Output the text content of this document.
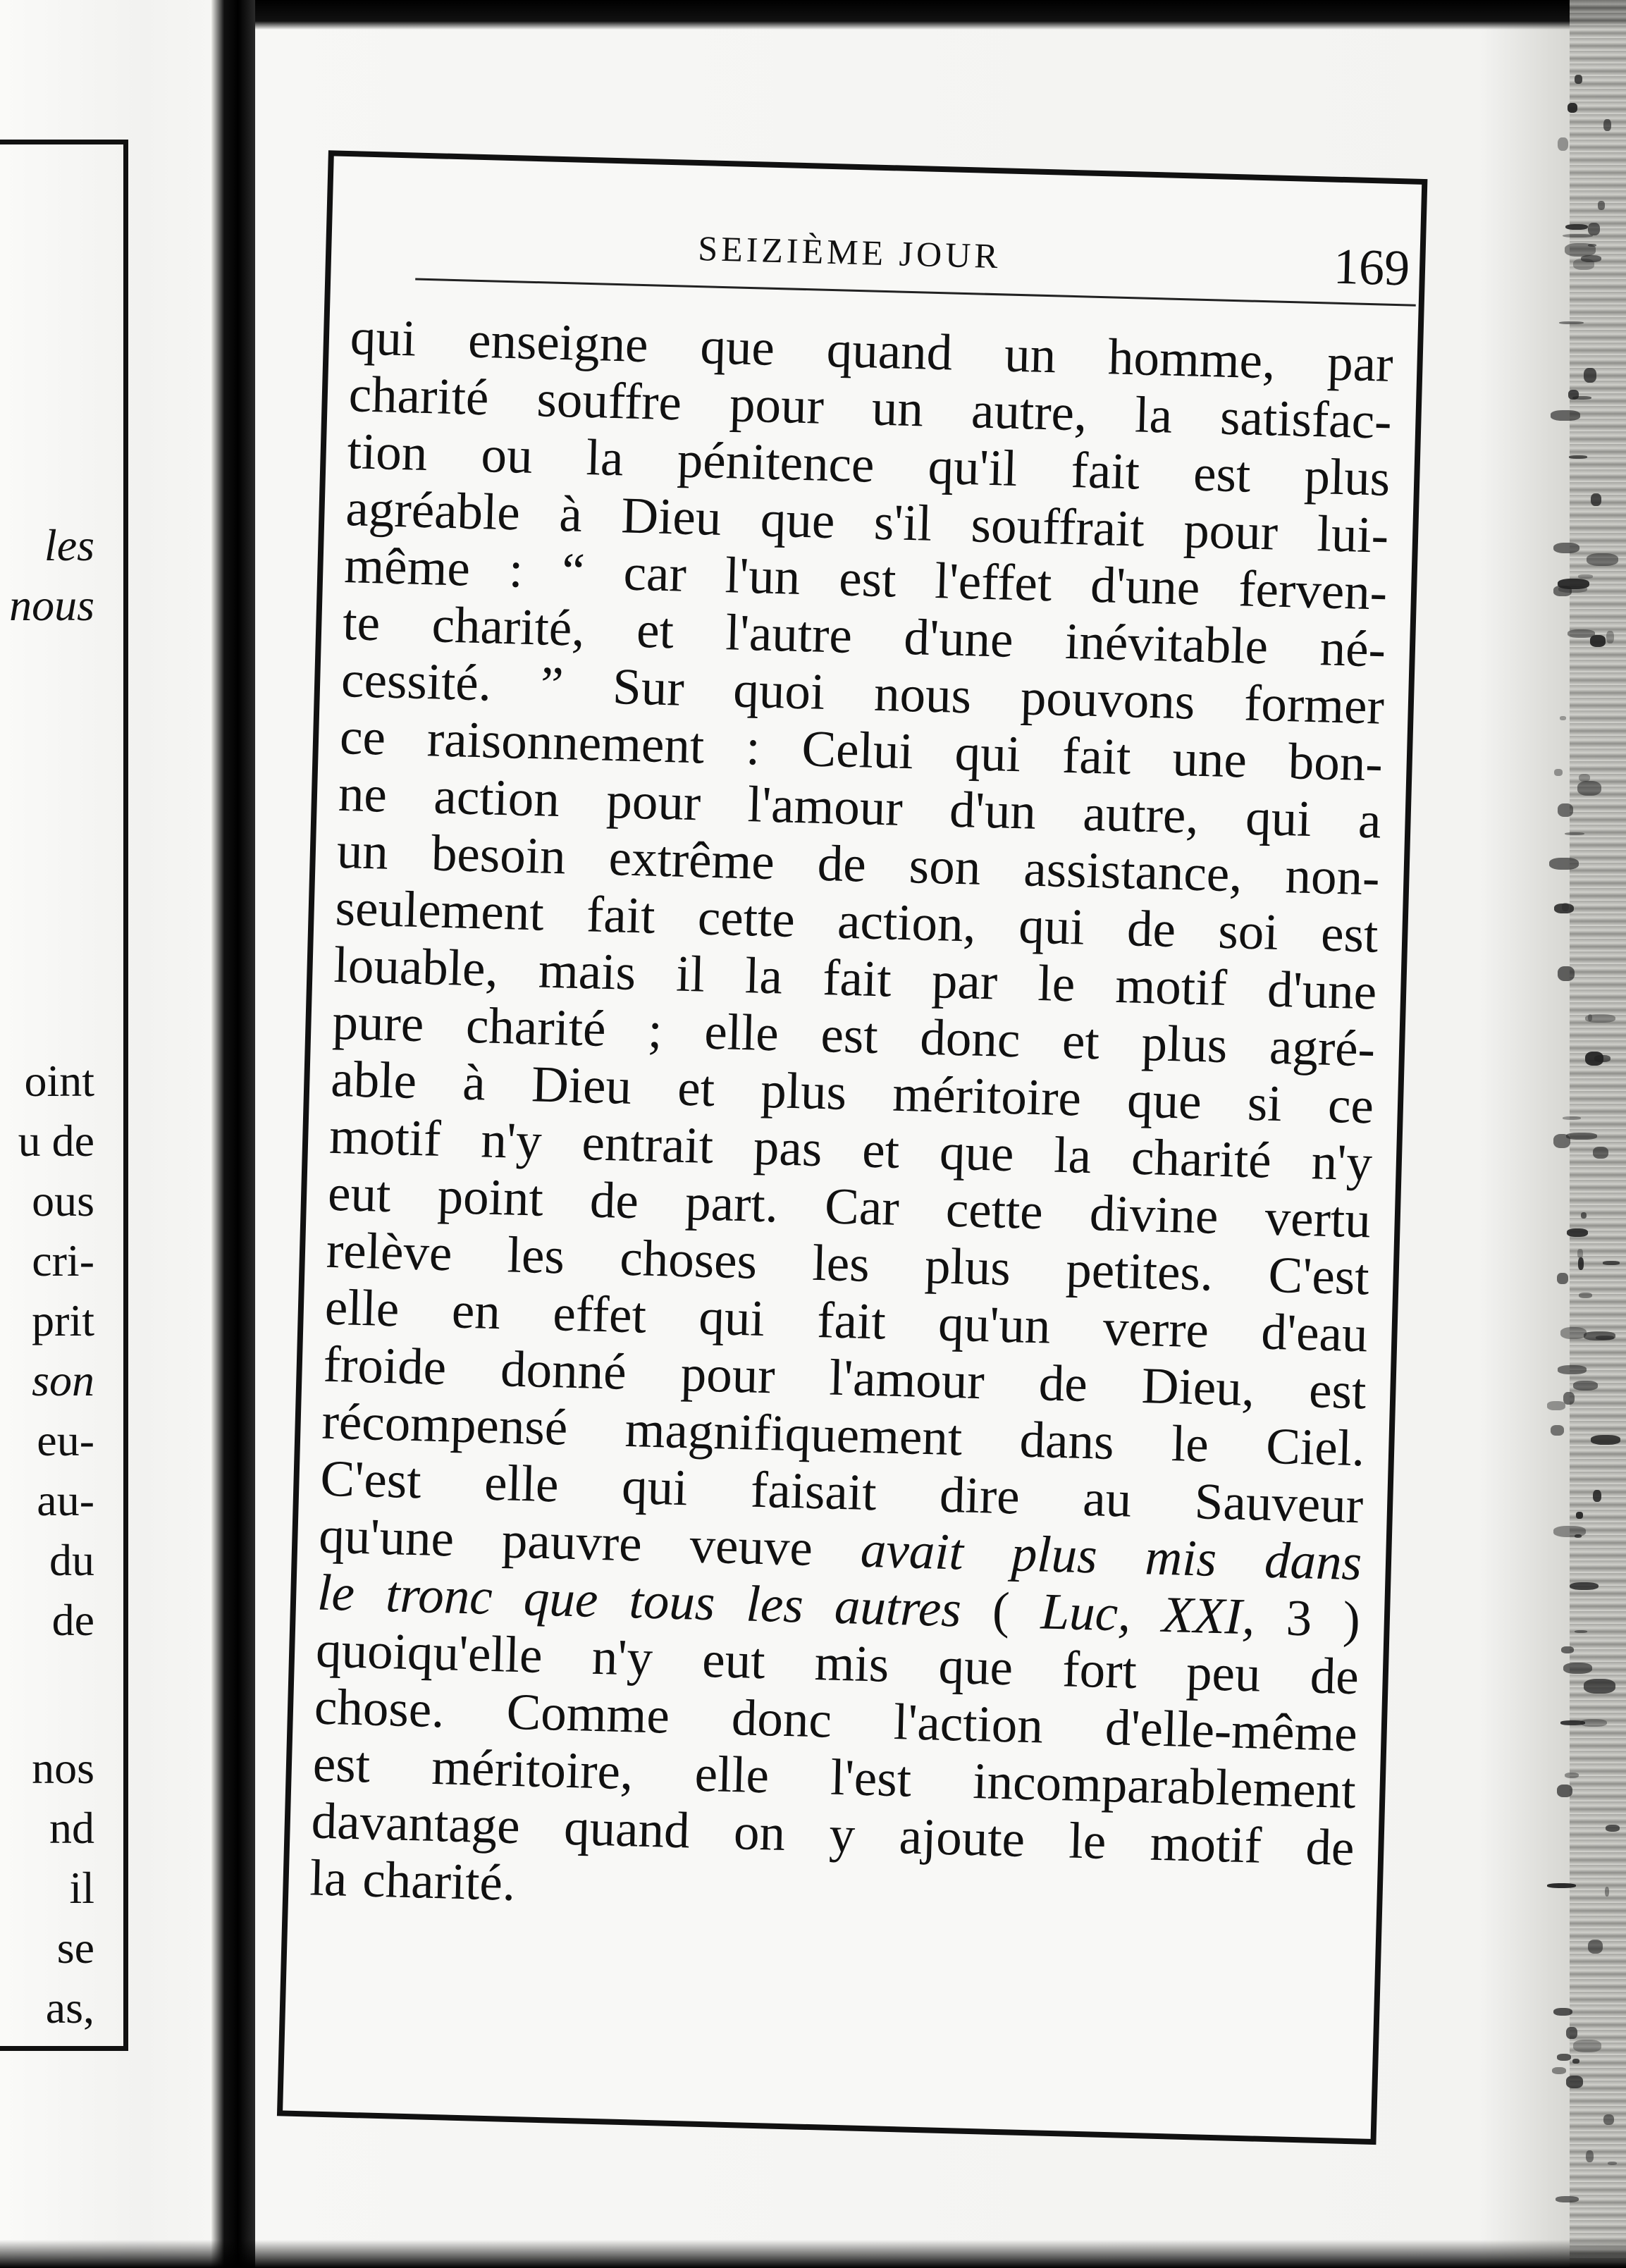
les
nous
oint
u de
ous
cri-
prit
son
eu-
au-
du
de
nos
nd
il
se
as,
SEIZIÈME JOUR	169
qui enseigne que quand un homme, par
charité souffre pour un autre, la satisfac-
tion ou la pénitence qu'il fait est plus
agréable à Dieu que s'il souffrait pour lui-
même : “ car l'un est l'effet d'une ferven-
te charité, et l'autre d'une inévitable né-
cessité. ” Sur quoi nous pouvons former
ce raisonnement : Celui qui fait une bon-
ne action pour l'amour d'un autre, qui a
un besoin extrême de son assistance, non-
seulement fait cette action, qui de soi est
louable, mais il la fait par le motif d'une
pure charité ; elle est donc et plus agré-
able à Dieu et plus méritoire que si ce
motif n'y entrait pas et que la charité n'y
eut point de part. Car cette divine vertu
relève les choses les plus petites. C'est
elle en effet qui fait qu'un verre d'eau
froide donné pour l'amour de Dieu, est
récompensé magnifiquement dans le Ciel.
C'est elle qui faisait dire au Sauveur
qu'une pauvre veuve avait plus mis dans
le tronc que tous les autres ( Luc, XXI, 3 )
quoiqu'elle n'y eut mis que fort peu de
chose. Comme donc l'action d'elle-même
est méritoire, elle l'est incomparablement
davantage quand on y ajoute le motif de
la charité.
